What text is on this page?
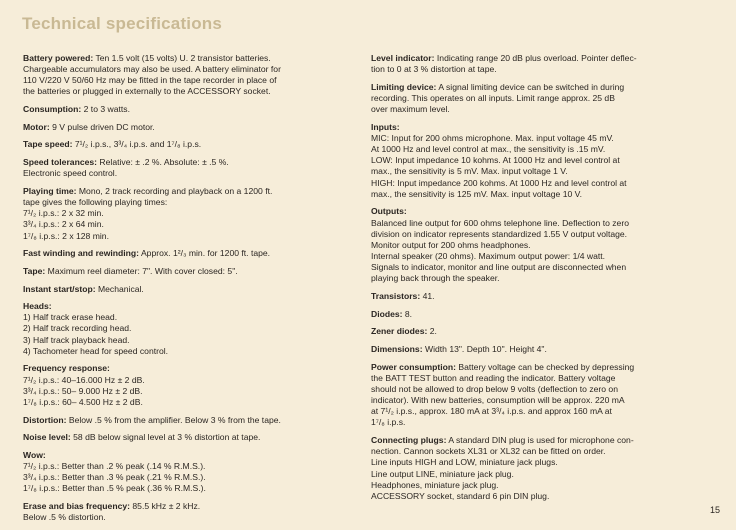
Technical specifications

Battery powered: Ten 1.5 volt (15 volts) U. 2 transistor batteries.
Chargeable accumulators may also be used. A battery eliminator for
110 V/220 V 50/60 Hz may be fitted in the tape recorder in place of
the batteries or plugged in externally to the ACCESSORY socket.

Consumption: 2 to 3 watts.

Motor: 9 V pulse driven DC motor.

Tape speed: 7¹/₂ i.p.s., 3³/₄ i.p.s. and 1⁷/₈ i.p.s.

Speed tolerances: Relative: ± .2 %. Absolute: ± .5 %.
Electronic speed control.

Playing time: Mono, 2 track recording and playback on a 1200 ft.
tape gives the following playing times:
7¹/₂ i.p.s.: 2 x 32 min.
3³/₄ i.p.s.: 2 x 64 min.
1⁷/₈ i.p.s.: 2 x 128 min.

Fast winding and rewinding: Approx. 1²/₃ min. for 1200 ft. tape.

Tape: Maximum reel diameter: 7". With cover closed: 5".

Instant start/stop: Mechanical.

Heads:
1) Half track erase head.
2) Half track recording head.
3) Half track playback head.
4) Tachometer head for speed control.

Frequency response:
7¹/₂ i.p.s.: 40–16.000 Hz ± 2 dB.
3³/₄ i.p.s.: 50– 9.000 Hz ± 2 dB.
1⁷/₈ i.p.s.: 60– 4.500 Hz ± 2 dB.

Distortion: Below .5 % from the amplifier. Below 3 % from the tape.

Noise level: 58 dB below signal level at 3 % distortion at tape.

Wow:
7¹/₂ i.p.s.: Better than .2 % peak (.14 % R.M.S.).
3³/₄ i.p.s.: Better than .3 % peak (.21 % R.M.S.).
1⁷/₈ i.p.s.: Better than .5 % peak (.36 % R.M.S.).

Erase and bias frequency: 85.5 kHz ± 2 kHz.
Below .5 % distortion.

Level indicator: Indicating range 20 dB plus overload. Pointer deflec-
tion to 0 at 3 % distortion at tape.

Limiting device: A signal limiting device can be switched in during
recording. This operates on all inputs. Limit range approx. 25 dB
over maximum level.

Inputs:
MIC: Input for 200 ohms microphone. Max. input voltage 45 mV.
At 1000 Hz and level control at max., the sensitivity is .15 mV.
LOW: Input impedance 10 kohms. At 1000 Hz and level control at
max., the sensitivity is 5 mV. Max. input voltage 1 V.
HIGH: Input impedance 200 kohms. At 1000 Hz and level control at
max., the sensitivity is 125 mV. Max. input voltage 10 V.

Outputs:
Balanced line output for 600 ohms telephone line. Deflection to zero
division on indicator represents standardized 1.55 V output voltage.
Monitor output for 200 ohms headphones.
Internal speaker (20 ohms). Maximum output power: 1/4 watt.
Signals to indicator, monitor and line output are disconnected when
playing back through the speaker.

Transistors: 41.

Diodes: 8.

Zener diodes: 2.

Dimensions: Width 13". Depth 10". Height 4".

Power consumption: Battery voltage can be checked by depressing
the BATT TEST button and reading the indicator. Battery voltage
should not be allowed to drop below 9 volts (deflection to zero on
indicator). With new batteries, consumption will be approx. 220 mA
at 7¹/₂ i.p.s., approx. 180 mA at 3³/₄ i.p.s. and approx 160 mA at
1⁷/₈ i.p.s.

Connecting plugs: A standard DIN plug is used for microphone con-
nection. Cannon sockets XL31 or XL32 can be fitted on order.
Line inputs HIGH and LOW, miniature jack plugs.
Line output LINE, miniature jack plug.
Headphones, miniature jack plug.
ACCESSORY socket, standard 6 pin DIN plug.

15
